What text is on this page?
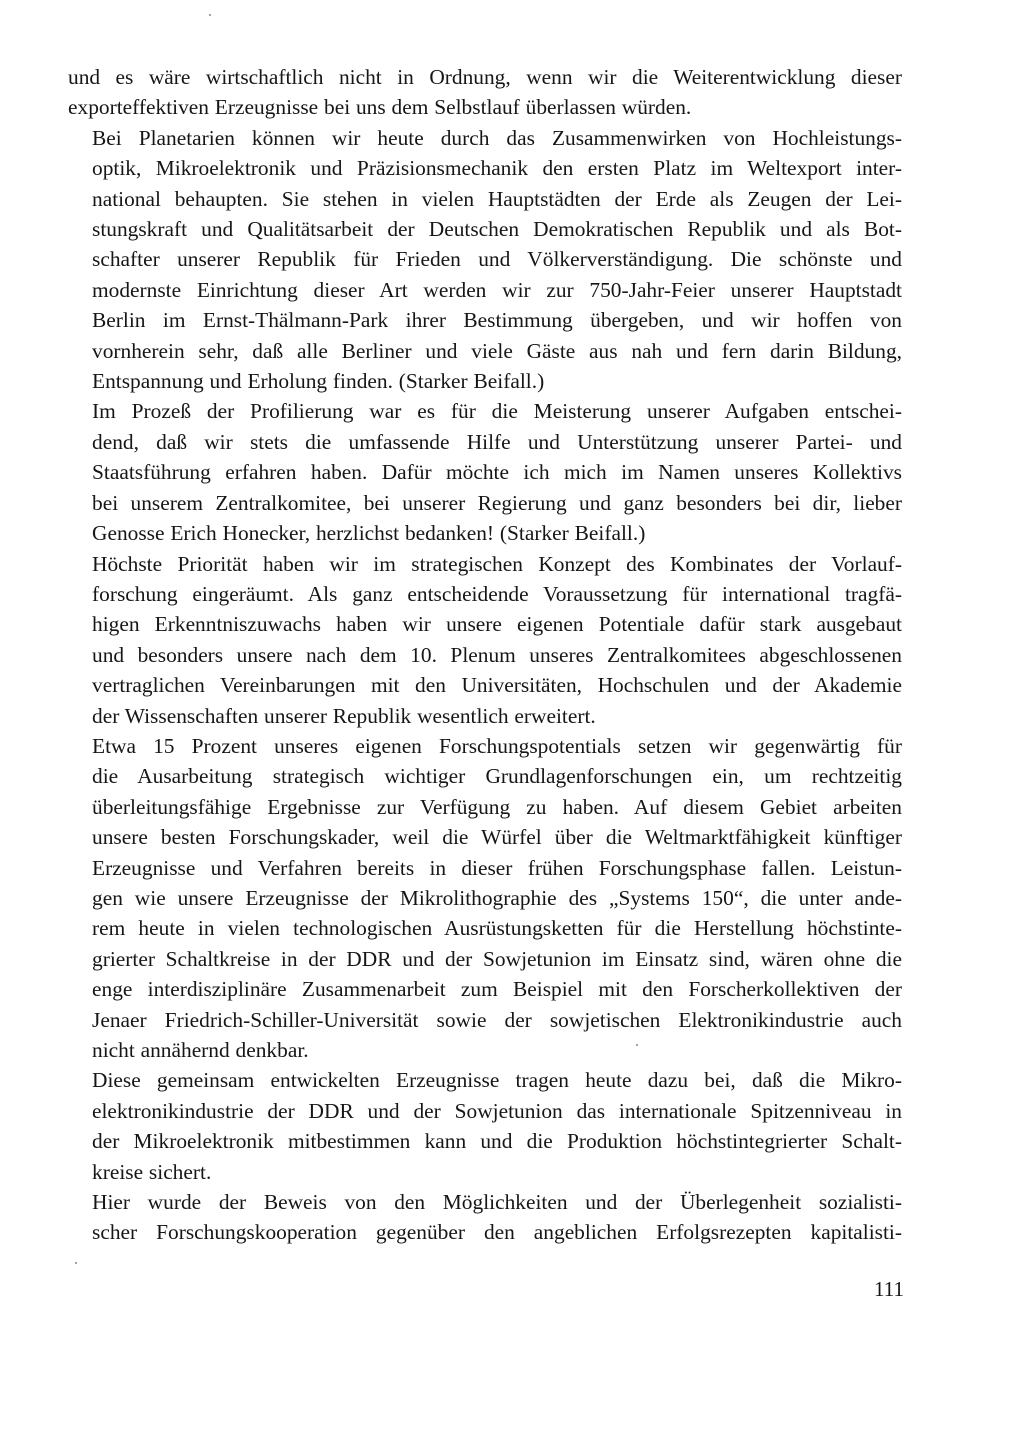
und es wäre wirtschaftlich nicht in Ordnung, wenn wir die Weiterentwicklung dieser
exporteffektiven Erzeugnisse bei uns dem Selbstlauf überlassen würden.

Bei Planetarien können wir heute durch das Zusammenwirken von Hochleistungs-
optik, Mikroelektronik und Präzisionsmechanik den ersten Platz im Weltexport inter-
national behaupten. Sie stehen in vielen Hauptstädten der Erde als Zeugen der Lei-
stungskraft und Qualitätsarbeit der Deutschen Demokratischen Republik und als Bot-
schafter unserer Republik für Frieden und Völkerverständigung. Die schönste und
modernste Einrichtung dieser Art werden wir zur 750-Jahr-Feier unserer Hauptstadt
Berlin im Ernst-Thälmann-Park ihrer Bestimmung übergeben, und wir hoffen von
vornherein sehr, daß alle Berliner und viele Gäste aus nah und fern darin Bildung,
Entspannung und Erholung finden. (Starker Beifall.)

Im Prozeß der Profilierung war es für die Meisterung unserer Aufgaben entschei-
dend, daß wir stets die umfassende Hilfe und Unterstützung unserer Partei- und
Staatsführung erfahren haben. Dafür möchte ich mich im Namen unseres Kollektivs
bei unserem Zentralkomitee, bei unserer Regierung und ganz besonders bei dir, lieber
Genosse Erich Honecker, herzlichst bedanken! (Starker Beifall.)

Höchste Priorität haben wir im strategischen Konzept des Kombinates der Vorlauf-
forschung eingeräumt. Als ganz entscheidende Voraussetzung für international tragfä-
higen Erkenntniszuwachs haben wir unsere eigenen Potentiale dafür stark ausgebaut
und besonders unsere nach dem 10. Plenum unseres Zentralkomitees abgeschlossenen
vertraglichen Vereinbarungen mit den Universitäten, Hochschulen und der Akademie
der Wissenschaften unserer Republik wesentlich erweitert.

Etwa 15 Prozent unseres eigenen Forschungspotentials setzen wir gegenwärtig für
die Ausarbeitung strategisch wichtiger Grundlagenforschungen ein, um rechtzeitig
überleitungsfähige Ergebnisse zur Verfügung zu haben. Auf diesem Gebiet arbeiten
unsere besten Forschungskader, weil die Würfel über die Weltmarktfähigkeit künftiger
Erzeugnisse und Verfahren bereits in dieser frühen Forschungsphase fallen. Leistun-
gen wie unsere Erzeugnisse der Mikrolithographie des „Systems 150“, die unter ande-
rem heute in vielen technologischen Ausrüstungsketten für die Herstellung höchstinte-
grierter Schaltkreise in der DDR und der Sowjetunion im Einsatz sind, wären ohne die
enge interdisziplinäre Zusammenarbeit zum Beispiel mit den Forscherkollektiven der
Jenaer Friedrich-Schiller-Universität sowie der sowjetischen Elektronikindustrie auch
nicht annähernd denkbar.

Diese gemeinsam entwickelten Erzeugnisse tragen heute dazu bei, daß die Mikro-
elektronikindustrie der DDR und der Sowjetunion das internationale Spitzenniveau in
der Mikroelektronik mitbestimmen kann und die Produktion höchstintegrierter Schalt-
kreise sichert.

Hier wurde der Beweis von den Möglichkeiten und der Überlegenheit sozialisti-
scher Forschungskooperation gegenüber den angeblichen Erfolgsrezepten kapitalisti-

111
